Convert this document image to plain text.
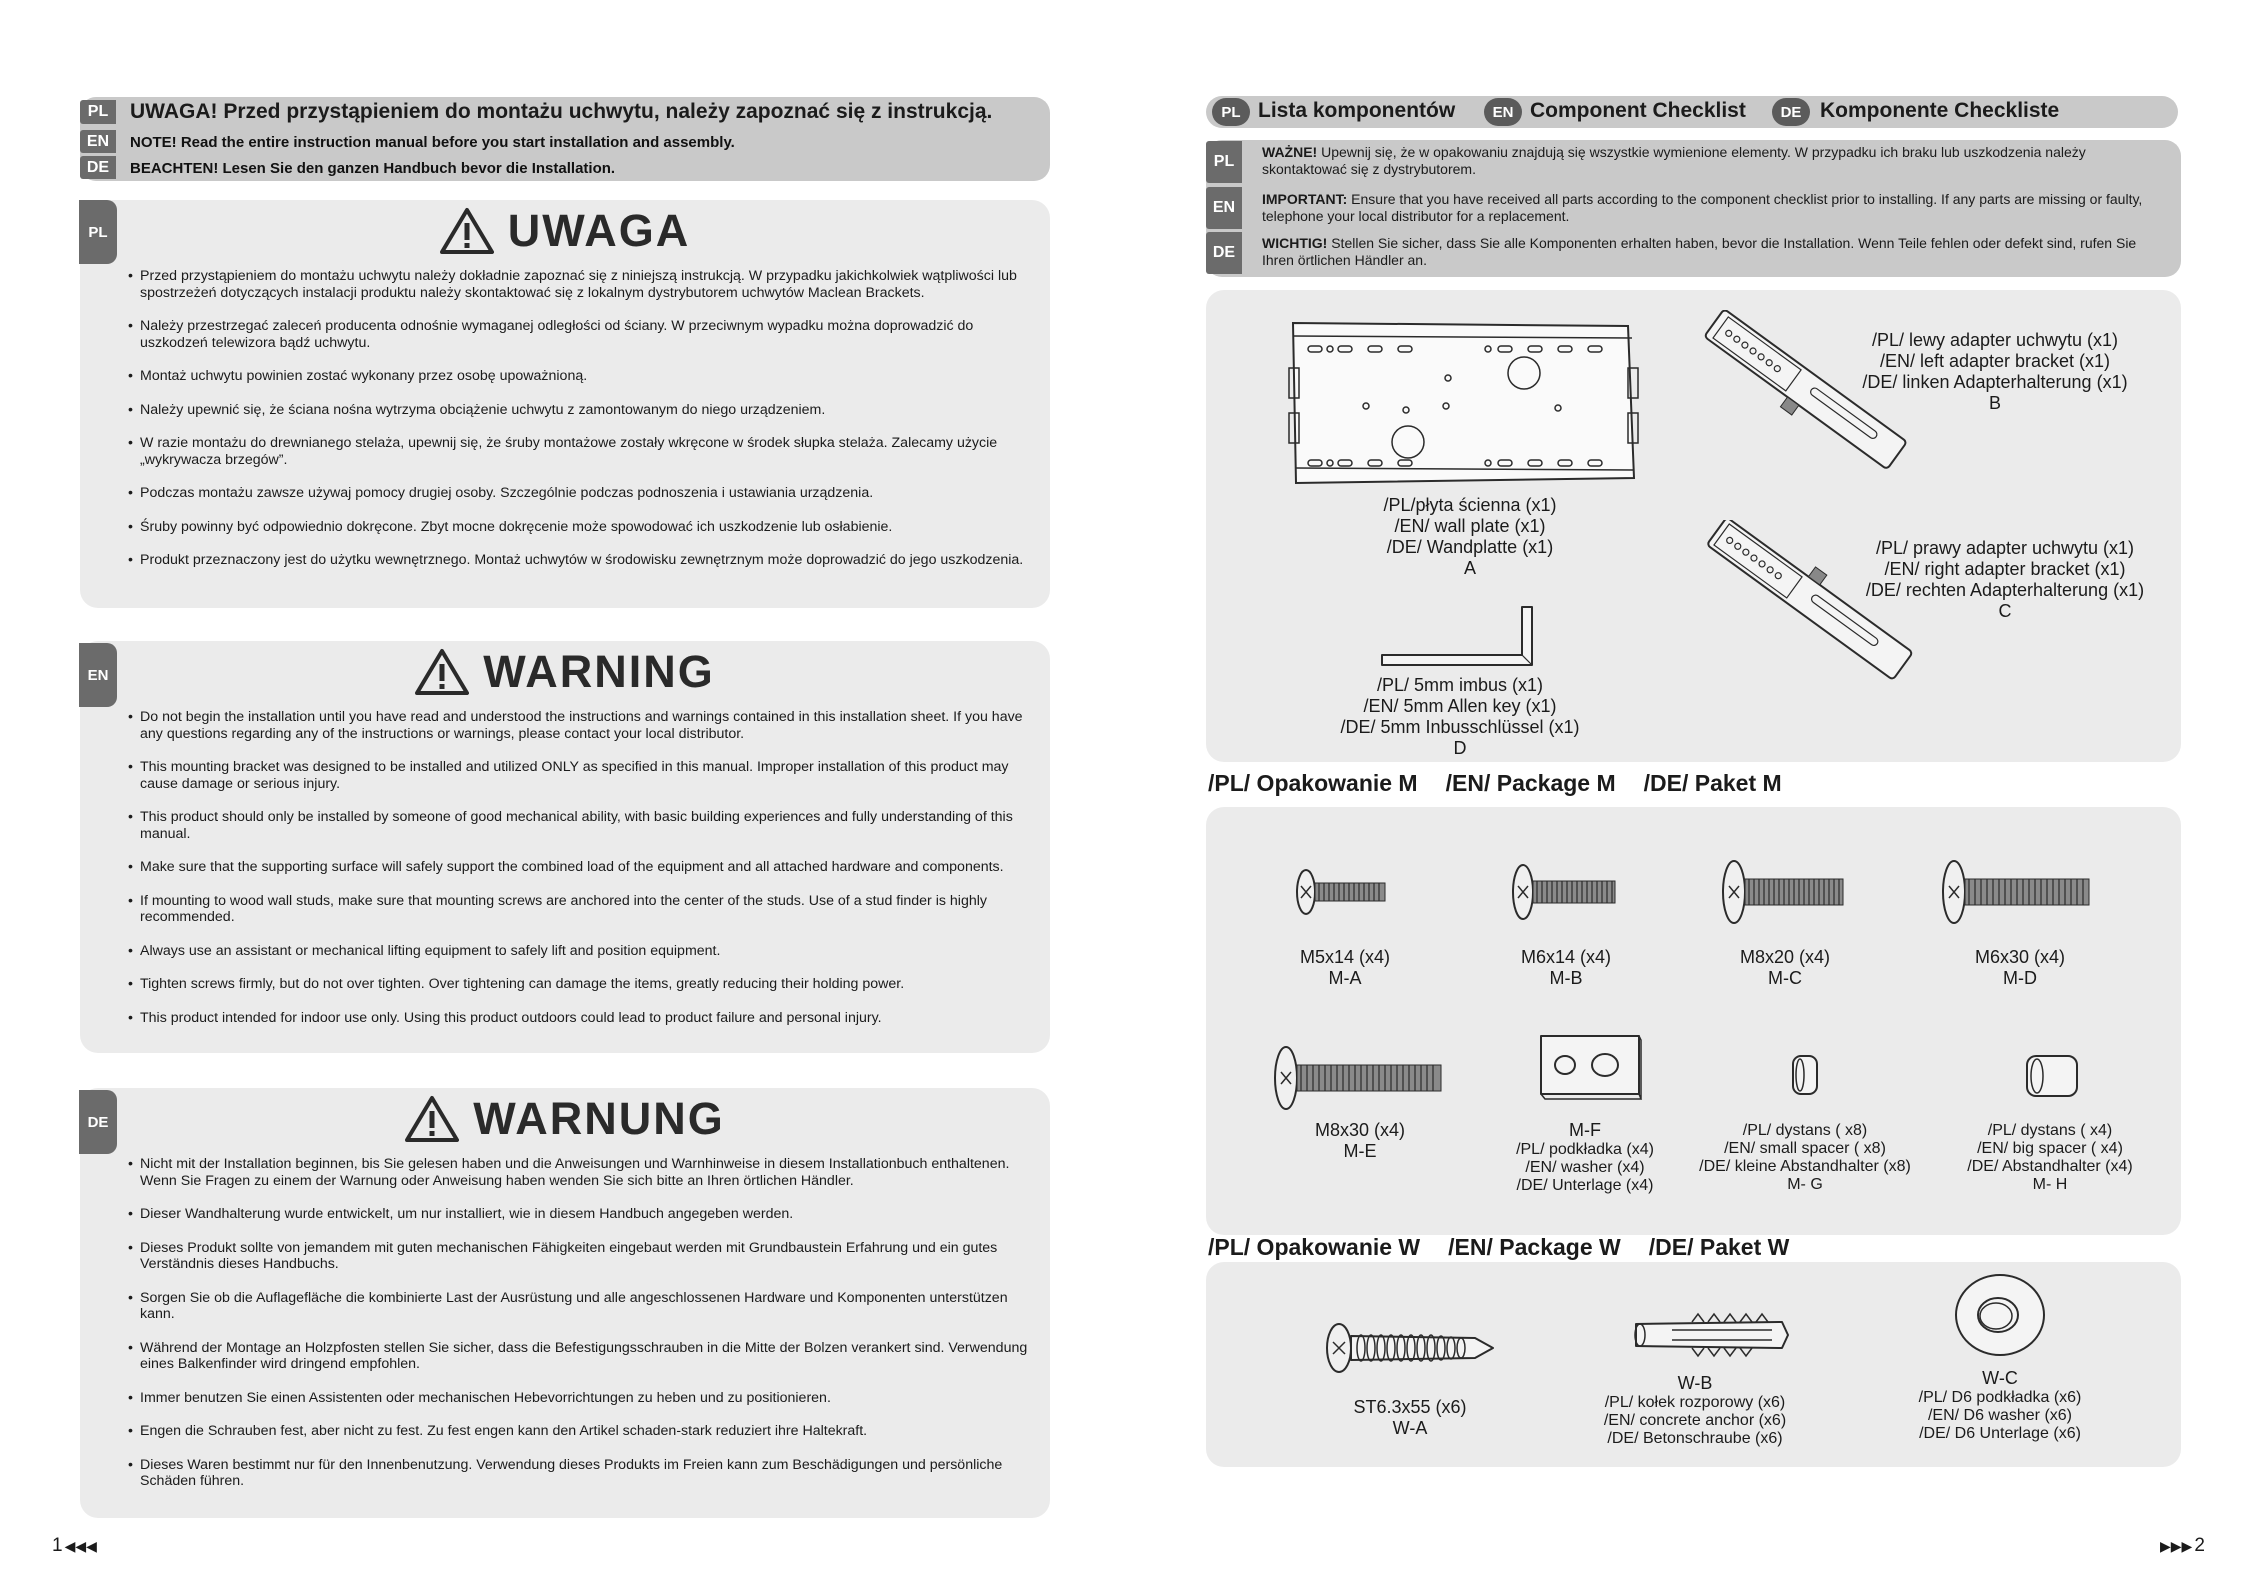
PL	UWAGA! Przed przystąpieniem do montażu uchwytu, należy zapoznać się z instrukcją.
EN	NOTE! Read the entire instruction manual before you start installation and assembly.
DE	BEACHTEN! Lesen Sie den ganzen Handbuch bevor die Installation.
PL	UWAGA
• Przed przystąpieniem do montażu uchwytu należy dokładnie zapoznać się z niniejszą instrukcją. W przypadku jakichkolwiek wątpliwości lub spostrzeżeń dotyczących instalacji produktu należy skontaktować się z lokalnym dystrybutorem uchwytów Maclean Brackets.
• Należy przestrzegać zaleceń producenta odnośnie wymaganej odległości od ściany. W przeciwnym wypadku można doprowadzić do uszkodzeń telewizora bądź uchwytu.
• Montaż uchwytu powinien zostać wykonany przez osobę upoważnioną.
• Należy upewnić się, że ściana nośna wytrzyma obciążenie uchwytu z zamontowanym do niego urządzeniem.
• W razie montażu do drewnianego stelaża, upewnij się, że śruby montażowe zostały wkręcone w środek słupka stelaża. Zalecamy użycie „wykrywacza brzegów”.
• Podczas montażu zawsze używaj pomocy drugiej osoby. Szczególnie podczas podnoszenia i ustawiania urządzenia.
• Śruby powinny być odpowiednio dokręcone. Zbyt mocne dokręcenie może spowodować ich uszkodzenie lub osłabienie.
• Produkt przeznaczony jest do użytku wewnętrznego. Montaż uchwytów w środowisku zewnętrznym może doprowadzić do jego uszkodzenia.
EN	WARNING
• Do not begin the installation until you have read and understood the instructions and warnings contained in this installation sheet. If you have any questions regarding any of the instructions or warnings, please contact your local distributor.
• This mounting bracket was designed to be installed and utilized ONLY as specified in this manual. Improper installation of this product may cause damage or serious injury.
• This product should only be installed by someone of good mechanical ability, with basic building experiences and fully understanding of this manual.
• Make sure that the supporting surface will safely support the combined load of the equipment and all attached hardware and components.
• If mounting to wood wall studs, make sure that mounting screws are anchored into the center of the studs. Use of a stud finder is highly recommended.
• Always use an assistant or mechanical lifting equipment to safely lift and position equipment.
• Tighten screws firmly, but do not over tighten. Over tightening can damage the items, greatly reducing their holding power.
• This product intended for indoor use only. Using this product outdoors could lead to product failure and personal injury.
DE	WARNUNG
• Nicht mit der Installation beginnen, bis Sie gelesen haben und die Anweisungen und Warnhinweise in diesem Installationbuch enthaltenen. Wenn Sie Fragen zu einem der Warnung oder Anweisung haben wenden Sie sich bitte an Ihren örtlichen Händler.
• Dieser Wandhalterung wurde entwickelt, um nur installiert, wie in diesem Handbuch angegeben werden.
• Dieses Produkt sollte von jemandem mit guten mechanischen Fähigkeiten eingebaut werden mit Grundbaustein Erfahrung und ein gutes Verständnis dieses Handbuchs.
• Sorgen Sie ob die Auflagefläche die kombinierte Last der Ausrüstung und alle angeschlossenen Hardware und Komponenten unterstützen kann.
• Während der Montage an Holzpfosten stellen Sie sicher, dass die Befestigungsschrauben in die Mitte der Bolzen verankert sind. Verwendung eines Balkenfinder wird dringend empfohlen.
• Immer benutzen Sie einen Assistenten oder mechanischen Hebevorrichtungen zu heben und zu positionieren.
• Engen die Schrauben fest, aber nicht zu fest. Zu fest engen kann den Artikel schaden-stark reduziert ihre Haltekraft.
• Dieses Waren bestimmt nur für den Innenbenutzung. Verwendung dieses Produkts im Freien kann zum Beschädigungen und persönliche Schäden führen.
1 ◀◀◀
PL Lista komponentów	EN Component Checklist	DE Komponente Checkliste
PL
WAŻNE! Upewnij się, że w opakowaniu znajdują się wszystkie wymienione elementy. W przypadku ich braku lub uszkodzenia należy skontaktować się z dystrybutorem.
EN	IMPORTANT: Ensure that you have received all parts according to the component checklist prior to installing. If any parts are missing or faulty, telephone your local distributor for a replacement.
DE
WICHTIG! Stellen Sie sicher, dass Sie alle Komponenten erhalten haben, bevor die Installation. Wenn Teile fehlen oder defekt sind, rufen Sie Ihren örtlichen Händler an.
/PL/płyta ścienna (x1)
/EN/ wall plate (x1)
/DE/ Wandplatte (x1)
A
/PL/ lewy adapter uchwytu (x1)
/EN/ left adapter bracket (x1)
/DE/ linken Adapterhalterung (x1)
B
/PL/ prawy adapter uchwytu (x1)
/EN/ right adapter bracket (x1)
/DE/ rechten Adapterhalterung (x1)
C
/PL/ 5mm imbus (x1)
/EN/ 5mm Allen key (x1)
/DE/ 5mm Inbusschlüssel (x1)
D
/PL/ Opakowanie M /EN/ Package M /DE/ Paket M
M5x14 (x4)
M-A
M6x14 (x4)
M-B
M8x20 (x4)
M-C
M6x30 (x4)
M-D
M8x30 (x4)
M-E
M-F
/PL/ podkładka (x4)
/EN/ washer (x4)
/DE/ Unterlage (x4)
/PL/ dystans ( x8)
/EN/ small spacer ( x8)
/DE/ kleine Abstandhalter (x8)
M- G
/PL/ dystans ( x4)
/EN/ big spacer ( x4)
/DE/ Abstandhalter (x4)
M- H
/PL/ Opakowanie W /EN/ Package W /DE/ Paket W
ST6.3x55 (x6)
W-A
W-B
/PL/ kołek rozporowy (x6)
/EN/ concrete anchor (x6)
/DE/ Betonschraube (x6)
W-C
/PL/ D6 podkładka (x6)
/EN/ D6 washer (x6)
/DE/ D6 Unterlage (x6)
▶▶▶ 2
